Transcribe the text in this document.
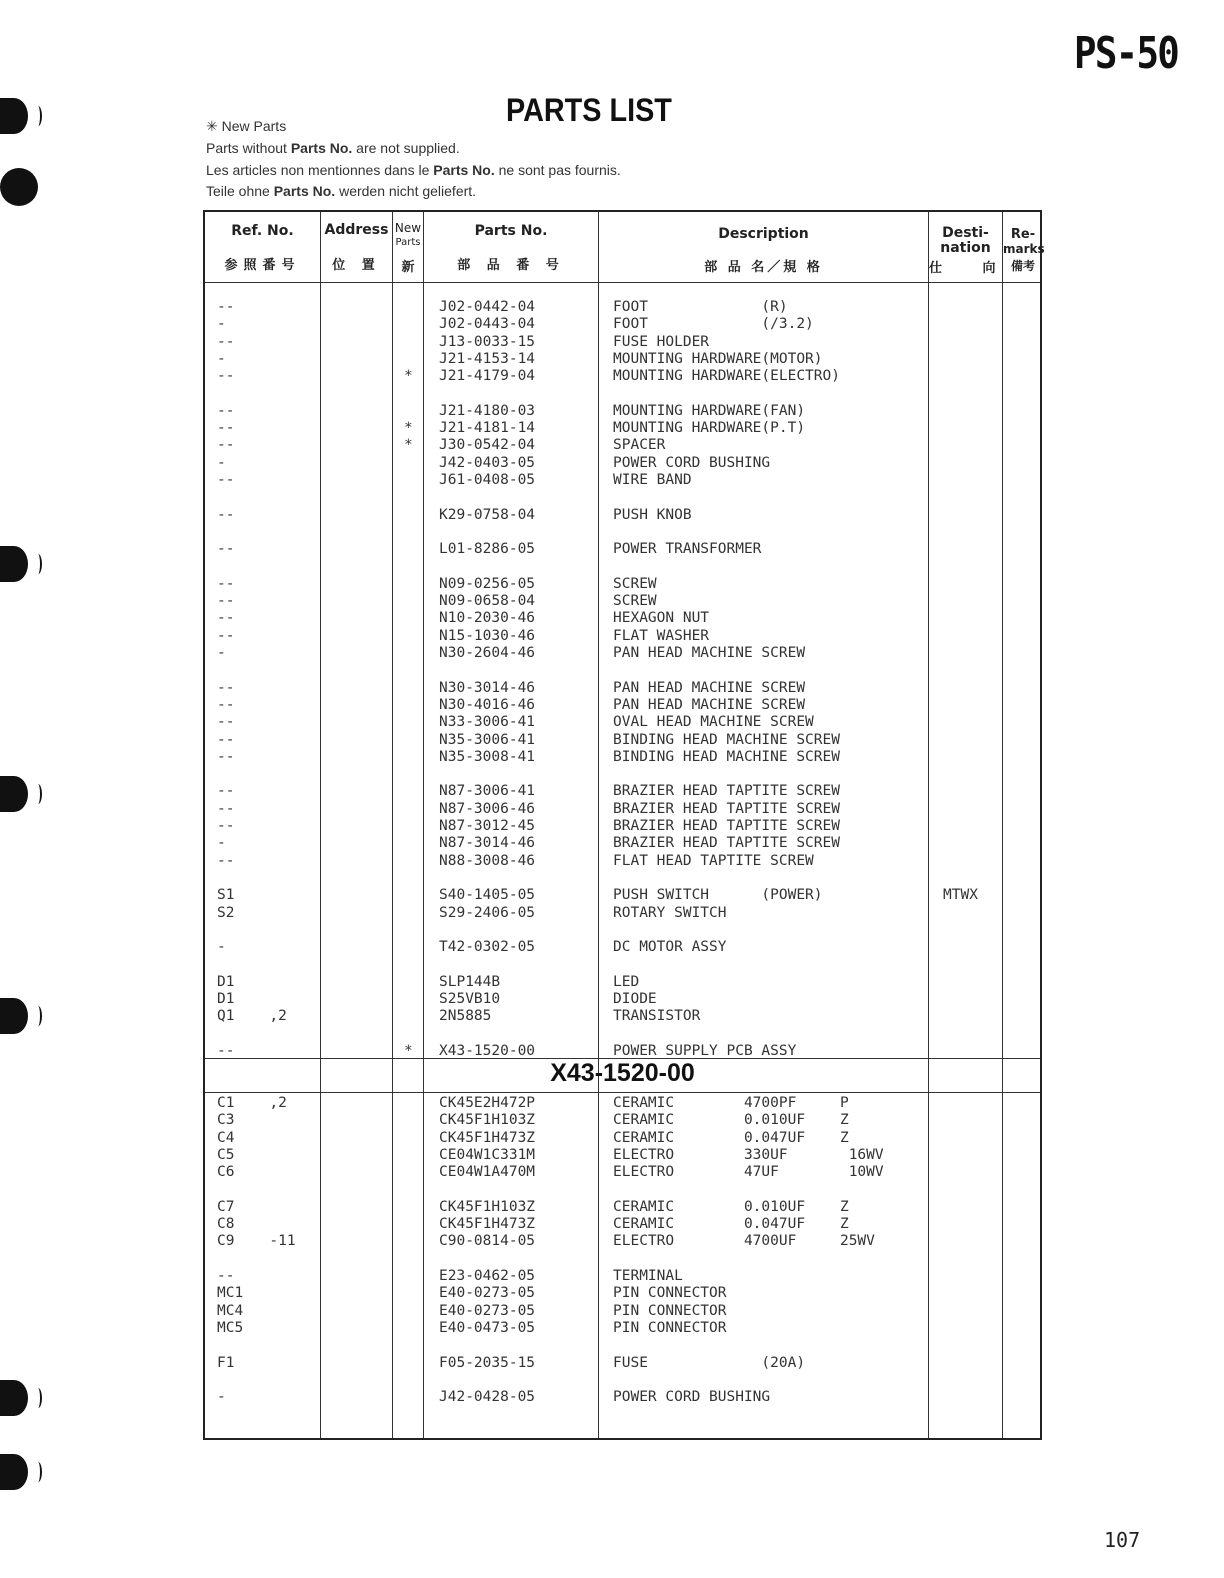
PS-50
PARTS LIST
✳ New Parts
Parts without Parts No. are not supplied.
Les articles non mentionnes dans le Parts No. ne sont pas fournis.
Teile ohne Parts No. werden nicht geliefert.
Ref. No.
参照番号
Address
位 置
New
Parts
新
Parts No.
部 品 番 号
Description
部 品 名／規 格
Desti-
nation
仕 向
Re-
marks
備考
--	J02-0442-04	FOOT             (R)
-	J02-0443-04	FOOT             (/3.2)
--	J13-0033-15	FUSE HOLDER
-	J21-4153-14	MOUNTING HARDWARE(MOTOR)
--	* J21-4179-04	MOUNTING HARDWARE(ELECTRO)
--	J21-4180-03	MOUNTING HARDWARE(FAN)
--	* J21-4181-14	MOUNTING HARDWARE(P.T)
--	* J30-0542-04	SPACER
-	J42-0403-05	POWER CORD BUSHING
--	J61-0408-05	WIRE BAND
--	K29-0758-04	PUSH KNOB
--	L01-8286-05	POWER TRANSFORMER
--	N09-0256-05	SCREW
--	N09-0658-04	SCREW
--	N10-2030-46	HEXAGON NUT
--	N15-1030-46	FLAT WASHER
-	N30-2604-46	PAN HEAD MACHINE SCREW
--	N30-3014-46	PAN HEAD MACHINE SCREW
--	N30-4016-46	PAN HEAD MACHINE SCREW
--	N33-3006-41	OVAL HEAD MACHINE SCREW
--	N35-3006-41	BINDING HEAD MACHINE SCREW
--	N35-3008-41	BINDING HEAD MACHINE SCREW
--	N87-3006-41	BRAZIER HEAD TAPTITE SCREW
--	N87-3006-46	BRAZIER HEAD TAPTITE SCREW
--	N87-3012-45	BRAZIER HEAD TAPTITE SCREW
-	N87-3014-46	BRAZIER HEAD TAPTITE SCREW
--	N88-3008-46	FLAT HEAD TAPTITE SCREW
S1	S40-1405-05	PUSH SWITCH      (POWER)	MTWX
S2	S29-2406-05	ROTARY SWITCH
-	T42-0302-05	DC MOTOR ASSY
D1	SLP144B	LED
D1	S25VB10	DIODE
Q1    ,2	2N5885	TRANSISTOR
--	* X43-1520-00	POWER SUPPLY PCB ASSY
X43-1520-00
C1    ,2	CK45E2H472P	CERAMIC        4700PF     P
C3	CK45F1H103Z	CERAMIC        0.010UF    Z
C4	CK45F1H473Z	CERAMIC        0.047UF    Z
C5	CE04W1C331M	ELECTRO        330UF       16WV
C6	CE04W1A470M	ELECTRO        47UF        10WV
C7	CK45F1H103Z	CERAMIC        0.010UF    Z
C8	CK45F1H473Z	CERAMIC        0.047UF    Z
C9    -11	C90-0814-05	ELECTRO        4700UF     25WV
--	E23-0462-05	TERMINAL
MC1	E40-0273-05	PIN CONNECTOR
MC4	E40-0273-05	PIN CONNECTOR
MC5	E40-0473-05	PIN CONNECTOR
F1	F05-2035-15	FUSE             (20A)
-	J42-0428-05	POWER CORD BUSHING
107
